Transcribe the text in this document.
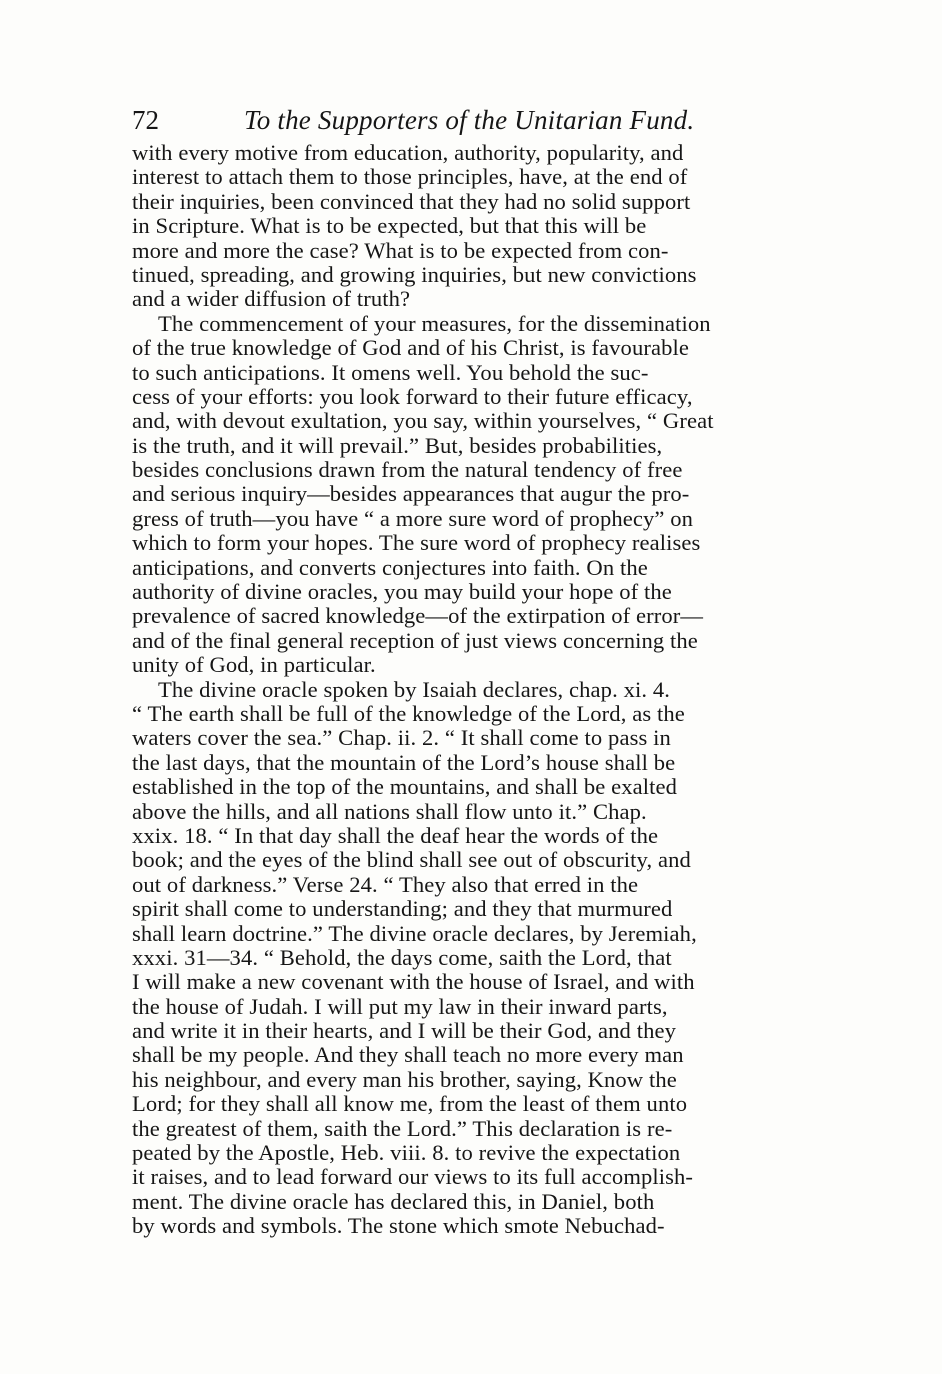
72	To the Supporters of the Unitarian Fund.
with every motive from education, authority, popularity, and
interest to attach them to those principles, have, at the end of
their inquiries, been convinced that they had no solid support
in Scripture. What is to be expected, but that this will be
more and more the case? What is to be expected from con-
tinued, spreading, and growing inquiries, but new convictions
and a wider diffusion of truth?
The commencement of your measures, for the dissemination
of the true knowledge of God and of his Christ, is favourable
to such anticipations. It omens well. You behold the suc-
cess of your efforts: you look forward to their future efficacy,
and, with devout exultation, you say, within yourselves, “ Great
is the truth, and it will prevail.” But, besides probabilities,
besides conclusions drawn from the natural tendency of free
and serious inquiry—besides appearances that augur the pro-
gress of truth—you have “ a more sure word of prophecy” on
which to form your hopes. The sure word of prophecy realises
anticipations, and converts conjectures into faith. On the
authority of divine oracles, you may build your hope of the
prevalence of sacred knowledge—of the extirpation of error—
and of the final general reception of just views concerning the
unity of God, in particular.
The divine oracle spoken by Isaiah declares, chap. xi. 4.
“ The earth shall be full of the knowledge of the Lord, as the
waters cover the sea.” Chap. ii. 2. “ It shall come to pass in
the last days, that the mountain of the Lord’s house shall be
established in the top of the mountains, and shall be exalted
above the hills, and all nations shall flow unto it.” Chap.
xxix. 18. “ In that day shall the deaf hear the words of the
book; and the eyes of the blind shall see out of obscurity, and
out of darkness.” Verse 24. “ They also that erred in the
spirit shall come to understanding; and they that murmured
shall learn doctrine.” The divine oracle declares, by Jeremiah,
xxxi. 31—34. “ Behold, the days come, saith the Lord, that
I will make a new covenant with the house of Israel, and with
the house of Judah. I will put my law in their inward parts,
and write it in their hearts, and I will be their God, and they
shall be my people. And they shall teach no more every man
his neighbour, and every man his brother, saying, Know the
Lord; for they shall all know me, from the least of them unto
the greatest of them, saith the Lord.” This declaration is re-
peated by the Apostle, Heb. viii. 8. to revive the expectation
it raises, and to lead forward our views to its full accomplish-
ment. The divine oracle has declared this, in Daniel, both
by words and symbols. The stone which smote Nebuchad-
